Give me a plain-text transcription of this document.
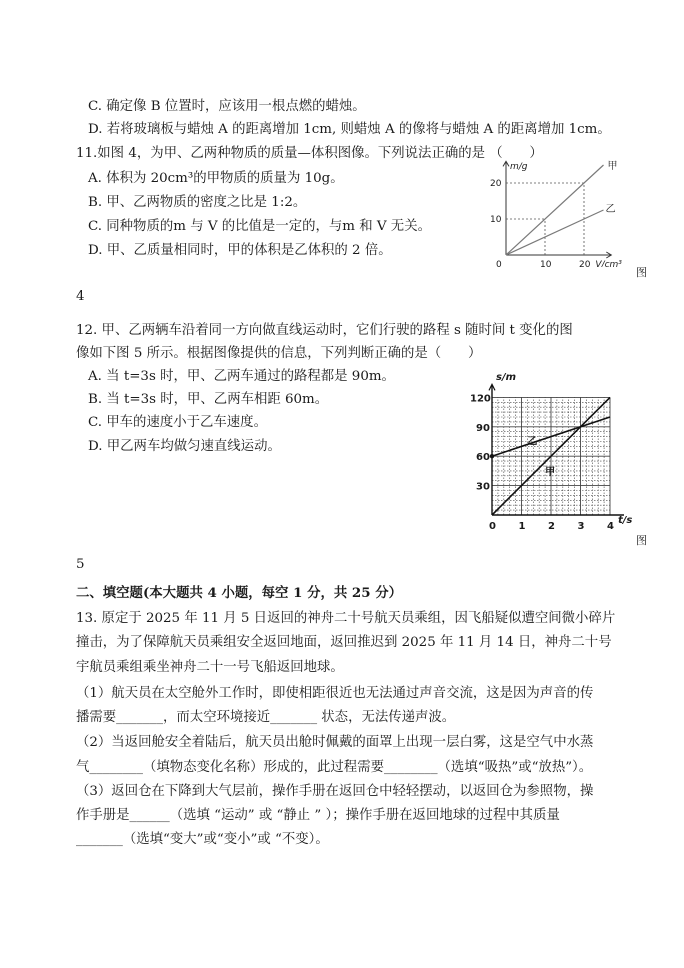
C. 确定像 B 位置时，应该用一根点燃的蜡烛。
D. 若将玻璃板与蜡烛 A 的距离增加 1cm, 则蜡烛 A 的像将与蜡烛 A 的距离增加 1cm。
11.如图 4，为甲、乙两种物质的质量—体积图像。下列说法正确的是 （　　）
A. 体积为 20cm³的甲物质的质量为 10g。
B. 甲、乙两物质的密度之比是 1:2。
C. 同种物质的m 与 V 的比值是一定的，与m 和 V 无关。
D. 甲、乙质量相同时，甲的体积是乙体积的 2 倍。
甲
乙
0	10	20
10
20
m/g
V/cm³
图
4
12. 甲、乙两辆车沿着同一方向做直线运动时，它们行驶的路程 s 随时间 t 变化的图
像如下图 5 所示。根据图像提供的信息，下列判断正确的是（　　）
A. 当 t=3s 时，甲、乙两车通过的路程都是 90m。
B. 当 t=3s 时，甲、乙两车相距 60m。
C. 甲车的速度小于乙车速度。
D. 甲乙两车均做匀速直线运动。
甲
乙
0 1 2 3 4
30
60
90
120
s/m
t/s
图
5
二、填空题(本大题共 4 小题，每空 1 分，共 25 分）
13. 原定于 2025 年 11 月 5 日返回的神舟二十号航天员乘组，因飞船疑似遭空间微小碎片
撞击，为了保障航天员乘组安全返回地面，返回推迟到 2025 年 11 月 14 日，神舟二十号
宇航员乘组乘坐神舟二十一号飞船返回地球。
（1）航天员在太空舱外工作时，即使相距很近也无法通过声音交流，这是因为声音的传
播需要_______，而太空环境接近_______ 状态，无法传递声波。
（2）当返回舱安全着陆后，航天员出舱时佩戴的面罩上出现一层白雾，这是空气中水蒸
气________（填物态变化名称）形成的，此过程需要________（选填“吸热”或“放热”）。
（3）返回仓在下降到大气层前，操作手册在返回仓中轻轻摆动，以返回仓为参照物，操
作手册是______（选填 “运动” 或 “静止 ” ）；操作手册在返回地球的过程中其质量
_______（选填“变大”或“变小”或 “不变）。
